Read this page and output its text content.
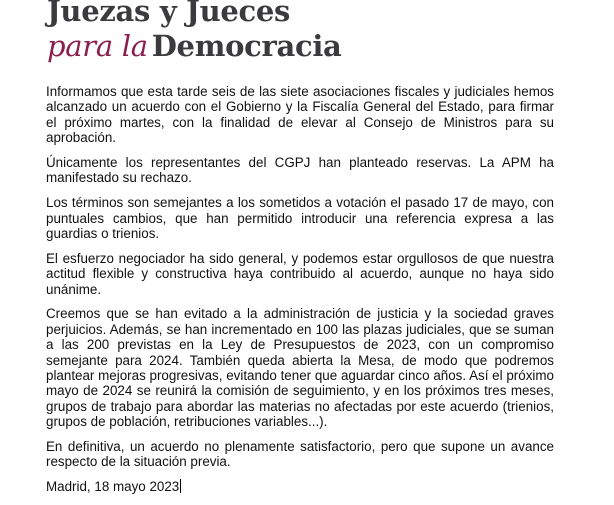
Juezas y Jueces
para la Democracia

Informamos que esta tarde seis de las siete asociaciones fiscales y judiciales hemos alcanzado un acuerdo con el Gobierno y la Fiscalía General del Estado, para firmar el próximo martes, con la finalidad de elevar al Consejo de Ministros para su aprobación.

Únicamente los representantes del CGPJ han planteado reservas. La APM ha manifestado su rechazo.

Los términos son semejantes a los sometidos a votación el pasado 17 de mayo, con puntuales cambios, que han permitido introducir una referencia expresa a las guardias o trienios.

El esfuerzo negociador ha sido general, y podemos estar orgullosos de que nuestra actitud flexible y constructiva haya contribuido al acuerdo, aunque no haya sido unánime.

Creemos que se han evitado a la administración de justicia y la sociedad graves perjuicios. Además, se han incrementado en 100 las plazas judiciales, que se suman a las 200 previstas en la Ley de Presupuestos de 2023, con un compromiso semejante para 2024. También queda abierta la Mesa, de modo que podremos plantear mejoras progresivas, evitando tener que aguardar cinco años. Así el próximo mayo de 2024 se reunirá la comisión de seguimiento, y en los próximos tres meses, grupos de trabajo para abordar las materias no afectadas por este acuerdo (trienios, grupos de población, retribuciones variables...).

En definitiva, un acuerdo no plenamente satisfactorio, pero que supone un avance respecto de la situación previa.

Madrid, 18 mayo 2023
